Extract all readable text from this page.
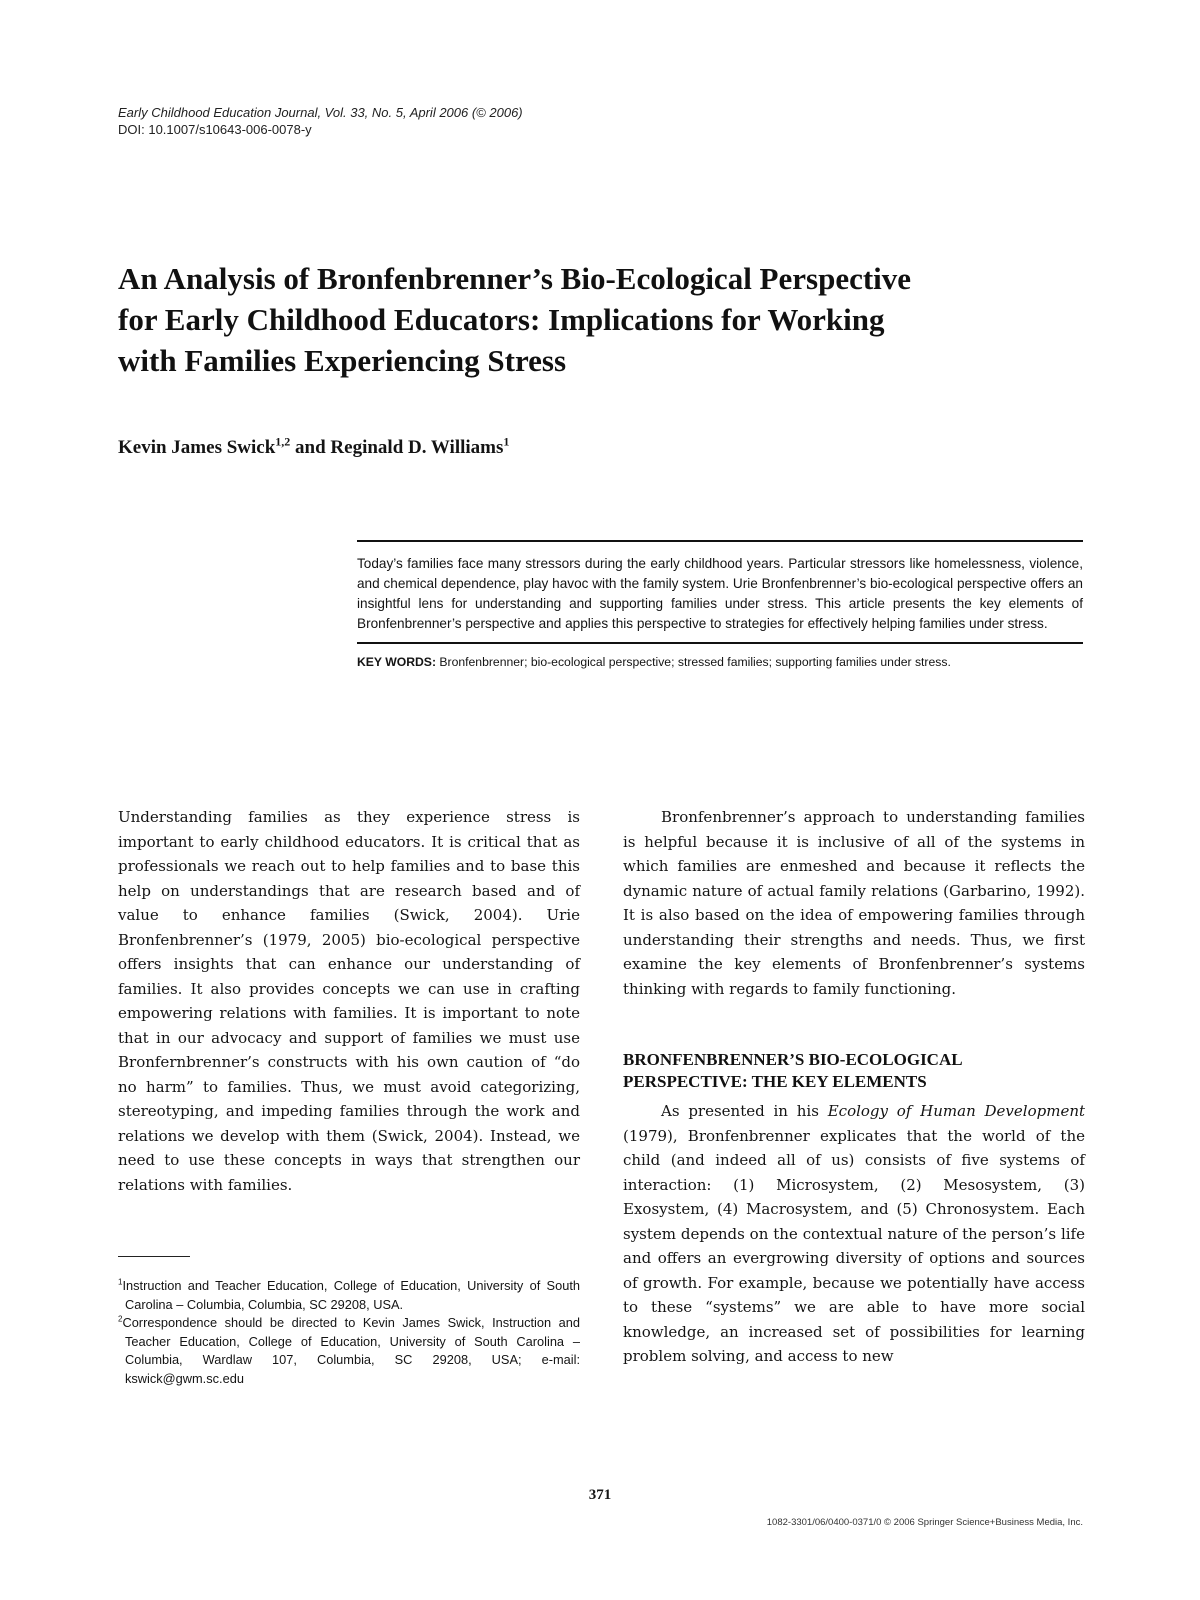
Early Childhood Education Journal, Vol. 33, No. 5, April 2006 (© 2006)
DOI: 10.1007/s10643-006-0078-y
An Analysis of Bronfenbrenner’s Bio-Ecological Perspective
for Early Childhood Educators: Implications for Working
with Families Experiencing Stress
Kevin James Swick$^{1,2}$ and Reginald D. Williams$^1$

Today’s families face many stressors during the early childhood years. Particular stressors like homelessness, violence, and chemical dependence, play havoc with the family system. Urie Bronfenbrenner’s bio-ecological perspective offers an insightful lens for understanding and supporting families under stress. This article presents the key elements of Bronfenbrenner’s perspective and applies this perspective to strategies for effectively helping families under stress.

KEY WORDS: Bronfenbrenner; bio-ecological perspective; stressed families; supporting families under stress.

Understanding families as they experience stress is important to early childhood educators. It is critical that as professionals we reach out to help families and to base this help on understandings that are research based and of value to enhance families (Swick, 2004). Urie Bronfenbrenner’s (1979, 2005) bio-ecological perspective offers insights that can enhance our understanding of families. It also provides concepts we can use in crafting empowering relations with families. It is important to note that in our advocacy and support of families we must use Bronfernbrenner’s constructs with his own caution of “do no harm” to families. Thus, we must avoid categorizing, stereotyping, and impeding families through the work and relations we develop with them (Swick, 2004). Instead, we need to use these concepts in ways that strengthen our relations with families.

Bronfenbrenner’s approach to understanding families is helpful because it is inclusive of all of the systems in which families are enmeshed and because it reflects the dynamic nature of actual family relations (Garbarino, 1992). It is also based on the idea of empowering families through understanding their strengths and needs. Thus, we first examine the key elements of Bronfenbrenner’s systems thinking with regards to family functioning.

BRONFENBRENNER’S BIO-ECOLOGICAL
PERSPECTIVE: THE KEY ELEMENTS

As presented in his Ecology of Human Development (1979), Bronfenbrenner explicates that the world of the child (and indeed all of us) consists of five systems of interaction: (1) Microsystem, (2) Mesosystem, (3) Exosystem, (4) Macrosystem, and (5) Chronosystem. Each system depends on the contextual nature of the person’s life and offers an evergrowing diversity of options and sources of growth. For example, because we potentially have access to these “systems” we are able to have more social knowledge, an increased set of possibilities for learning problem solving, and access to new

$^1$Instruction and Teacher Education, College of Education, University of South Carolina – Columbia, Columbia, SC 29208, USA.

$^2$Correspondence should be directed to Kevin James Swick, Instruction and Teacher Education, College of Education, University of South Carolina – Columbia, Wardlaw 107, Columbia, SC 29208, USA; e-mail: kswick@gwm.sc.edu

371
1082-3301/06/0400-0371/0 © 2006 Springer Science+Business Media, Inc.
